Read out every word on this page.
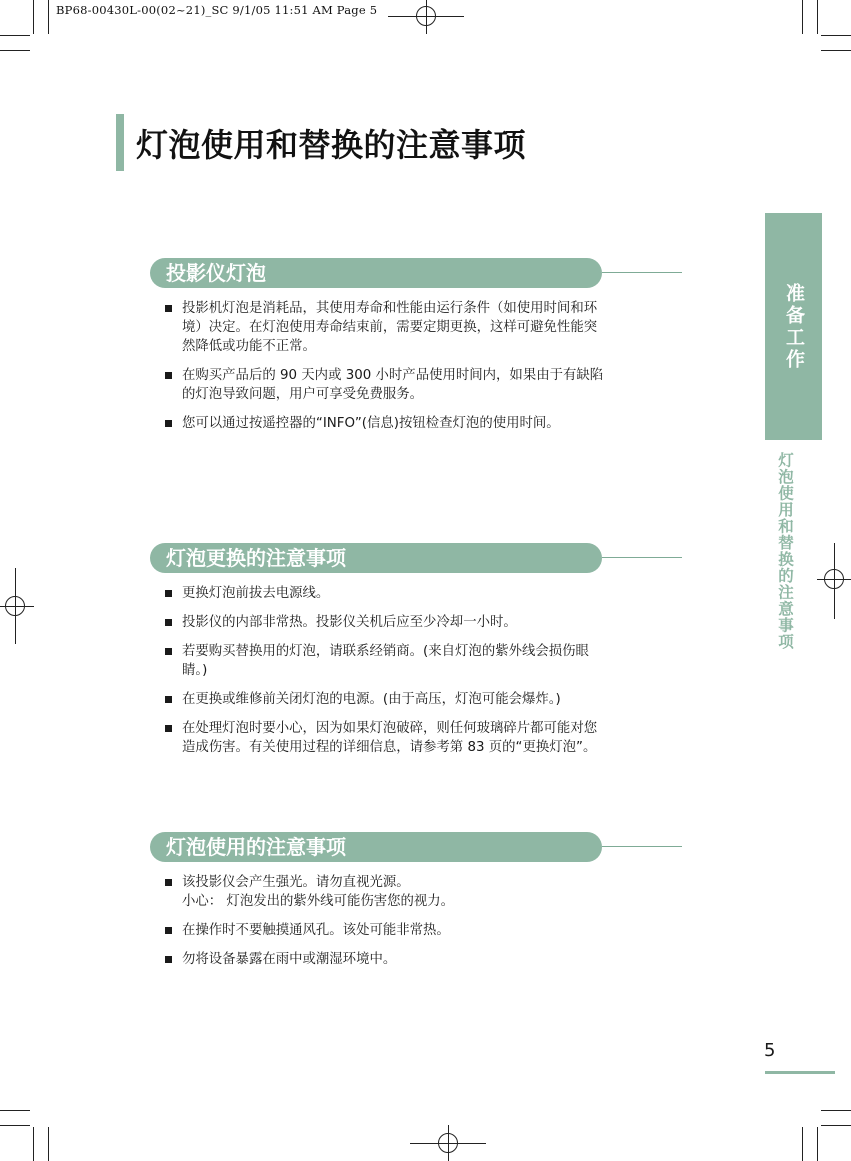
BP68-00430L-00(02~21)_SC 9/1/05 11:51 AM Page 5
灯泡使用和替换的注意事项
投影仪灯泡
投影机灯泡是消耗品，其使用寿命和性能由运行条件（如使用时间和环境）决定。在灯泡使用寿命结束前，需要定期更换，这样可避免性能突然降低或功能不正常。
在购买产品后的 90 天内或 300 小时产品使用时间内，如果由于有缺陷的灯泡导致问题，用户可享受免费服务。
您可以通过按遥控器的“INFO”(信息)按钮检查灯泡的使用时间。
灯泡更换的注意事项
更换灯泡前拔去电源线。
投影仪的内部非常热。投影仪关机后应至少冷却一小时。
若要购买替换用的灯泡，请联系经销商。(来自灯泡的紫外线会损伤眼睛。)
在更换或维修前关闭灯泡的电源。(由于高压，灯泡可能会爆炸。)
在处理灯泡时要小心，因为如果灯泡破碎，则任何玻璃碎片都可能对您造成伤害。有关使用过程的详细信息，请参考第 83 页的“更换灯泡”。
灯泡使用的注意事项
该投影仪会产生强光。请勿直视光源。
小心： 灯泡发出的紫外线可能伤害您的视力。
在操作时不要触摸通风孔。该处可能非常热。
勿将设备暴露在雨中或潮湿环境中。
准备工作
灯泡使用和替换的注意事项
5
